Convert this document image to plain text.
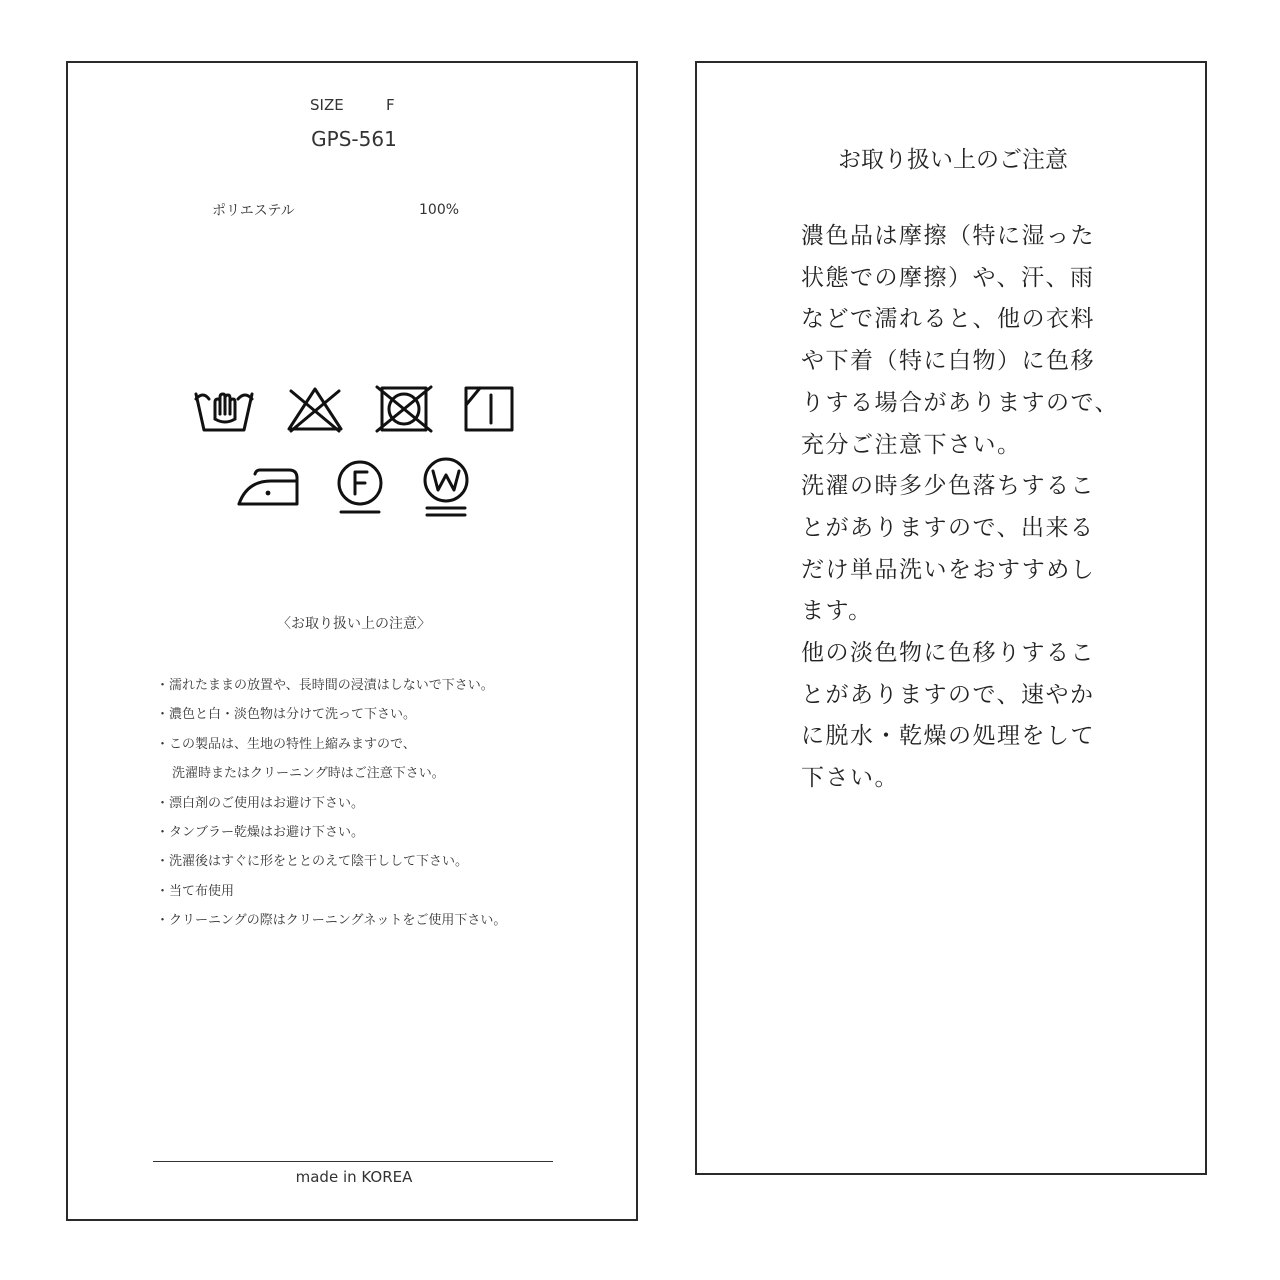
SIZE	F
GPS-561
ポリエステル	100%
〈お取り扱い上の注意〉
・濡れたままの放置や、長時間の浸漬はしないで下さい。
・濃色と白・淡色物は分けて洗って下さい。
・この製品は、生地の特性上縮みますので、
洗濯時またはクリーニング時はご注意下さい。
・漂白剤のご使用はお避け下さい。
・タンブラー乾燥はお避け下さい。
・洗濯後はすぐに形をととのえて陰干しして下さい。
・当て布使用
・クリーニングの際はクリーニングネットをご使用下さい。
made in KOREA
お取り扱い上のご注意
濃色品は摩擦（特に湿った
状態での摩擦）や、汗、雨
などで濡れると、他の衣料
や下着（特に白物）に色移
りする場合がありますので、
充分ご注意下さい。
洗濯の時多少色落ちするこ
とがありますので、出来る
だけ単品洗いをおすすめし
ます。
他の淡色物に色移りするこ
とがありますので、速やか
に脱水・乾燥の処理をして
下さい。
